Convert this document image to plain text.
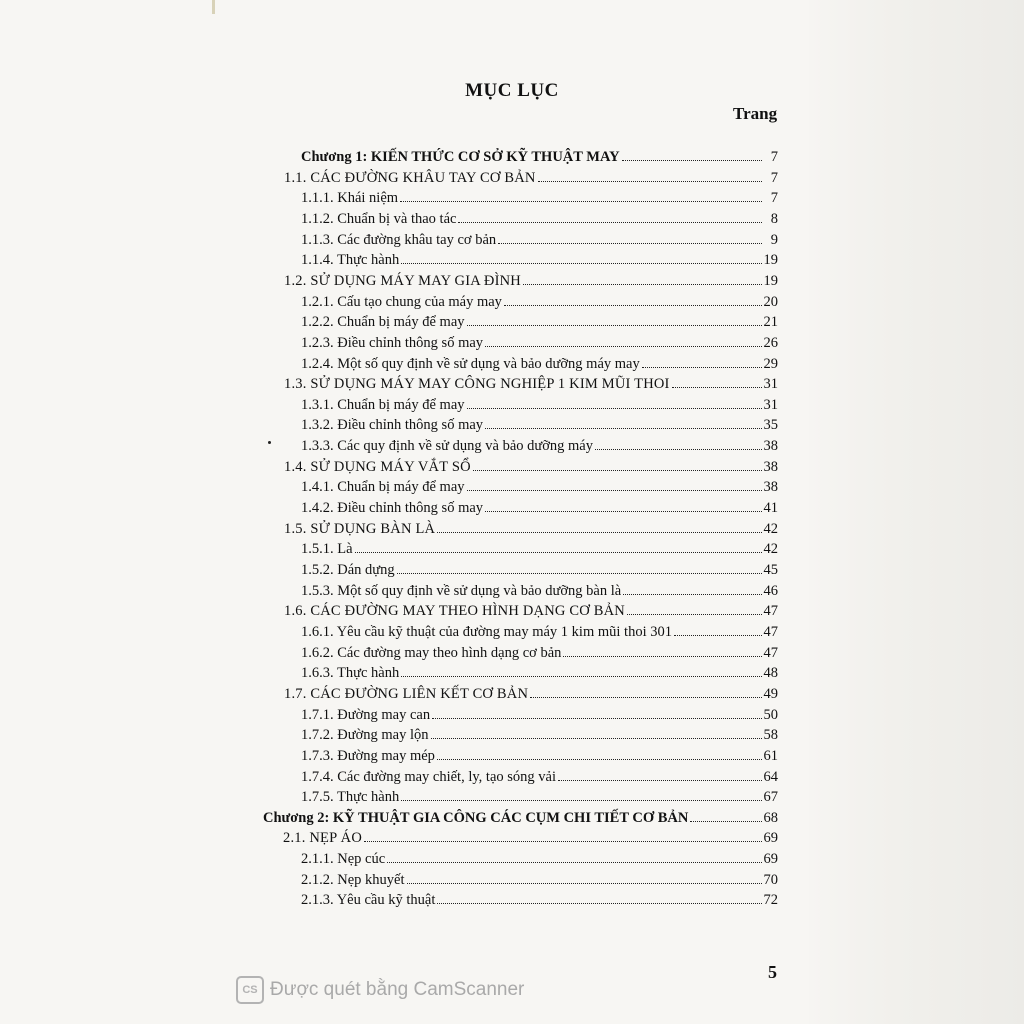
MỤC LỤC
Trang
Chương 1: KIẾN THỨC CƠ SỞ KỸ THUẬT MAY	7
1.1. CÁC ĐƯỜNG KHÂU TAY CƠ BẢN	7
1.1.1. Khái niệm	7
1.1.2. Chuẩn bị và thao tác	8
1.1.3. Các đường khâu tay cơ bản	9
1.1.4. Thực hành	19
1.2. SỬ DỤNG MÁY MAY GIA ĐÌNH	19
1.2.1. Cấu tạo chung của máy may	20
1.2.2. Chuẩn bị máy để may	21
1.2.3. Điều chỉnh thông số may	26
1.2.4. Một số quy định về sử dụng và bảo dưỡng máy may	29
1.3. SỬ DỤNG MÁY MAY CÔNG NGHIỆP 1 KIM MŨI THOI	31
1.3.1. Chuẩn bị máy để may	31
1.3.2. Điều chỉnh thông số may	35
1.3.3. Các quy định về sử dụng và bảo dưỡng máy	38
1.4. SỬ DỤNG MÁY VẮT SỔ	38
1.4.1. Chuẩn bị máy để may	38
1.4.2. Điều chỉnh thông số may	41
1.5. SỬ DỤNG BÀN LÀ	42
1.5.1. Là	42
1.5.2. Dán dựng	45
1.5.3. Một số quy định về sử dụng và bảo dưỡng bàn là	46
1.6. CÁC ĐƯỜNG MAY THEO HÌNH DẠNG CƠ BẢN	47
1.6.1. Yêu cầu kỹ thuật của đường may máy 1 kim mũi thoi 301	47
1.6.2. Các đường may theo hình dạng cơ bản	47
1.6.3. Thực hành	48
1.7. CÁC ĐƯỜNG LIÊN KẾT CƠ BẢN	49
1.7.1. Đường may can	50
1.7.2. Đường may lộn	58
1.7.3. Đường may mép	61
1.7.4. Các đường may chiết, ly, tạo sóng vải	64
1.7.5. Thực hành	67
Chương 2: KỸ THUẬT GIA CÔNG CÁC CỤM CHI TIẾT CƠ BẢN	68
2.1. NẸP ÁO	69
2.1.1. Nẹp cúc	69
2.1.2. Nẹp khuyết	70
2.1.3. Yêu cầu kỹ thuật	72
5
CS Được quét bằng CamScanner
